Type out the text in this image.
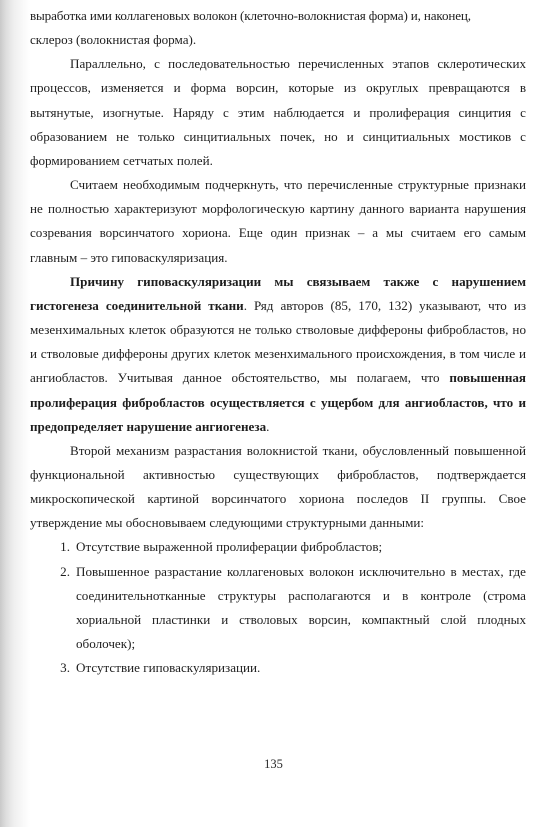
выработка ими коллагеновых волокон (клеточно-волокнистая форма) и, наконец,

склероз (волокнистая форма).

Параллельно, с последовательностью перечисленных этапов склеротических процессов, изменяется и форма ворсин, которые из округлых превращаются в вытянутые, изогнутые. Наряду с этим наблюдается и пролиферация синцития с образованием не только синцитиальных почек, но и синцитиальных мостиков с формированием сетчатых полей.

Считаем необходимым подчеркнуть, что перечисленные структурные признаки не полностью характеризуют морфологическую картину данного варианта нарушения созревания ворсинчатого хориона. Еще один признак – а мы считаем его самым главным – это гиповаскуляризация.

Причину гиповаскуляризации мы связываем также с нарушением гистогенеза соединительной ткани. Ряд авторов (85, 170, 132) указывают, что из мезенхимальных клеток образуются не только стволовые диффероны фибробластов, но и стволовые диффероны других клеток мезенхимального происхождения, в том числе и ангиобластов. Учитывая данное обстоятельство, мы полагаем, что повышенная пролиферация фибробластов осуществляется с ущербом для ангиобластов, что и предопределяет нарушение ангиогенеза.

Второй механизм разрастания волокнистой ткани, обусловленный повышенной функциональной активностью существующих фибробластов, подтверждается микроскопической картиной ворсинчатого хориона последов II группы. Свое утверждение мы обосновываем следующими структурными данными:

1. Отсутствие выраженной пролиферации фибробластов;
2. Повышенное разрастание коллагеновых волокон исключительно в местах, где соединительнотканные структуры располагаются и в контроле (строма хориальной пластинки и стволовых ворсин, компактный слой плодных оболочек);
3. Отсутствие гиповаскуляризации.
135
